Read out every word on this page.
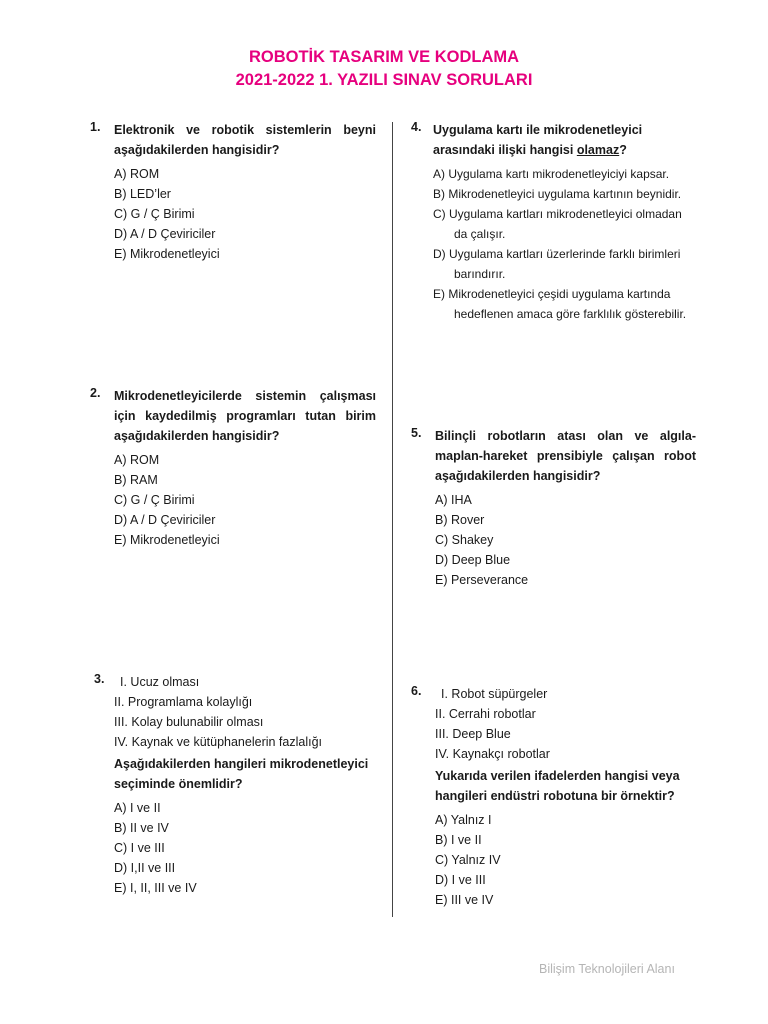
ROBOTİK TASARIM VE KODLAMA
2021-2022 1. YAZILI SINAV SORULARI
1. Elektronik ve robotik sistemlerin beyni aşağıdakilerden hangisidir?
A) ROM
B) LED’ler
C) G / Ç Birimi
D) A / D Çeviriciler
E) Mikrodenetleyici
2. Mikrodenetleyicilerde sistemin çalışması için kaydedilmiş programları tutan birim aşağıdakilerden hangisidir?
A) ROM
B) RAM
C) G / Ç Birimi
D) A / D Çeviriciler
E) Mikrodenetleyici
3. I. Ucuz olması
II. Programlama kolaylığı
III. Kolay bulunabilir olması
IV. Kaynak ve kütüphanelerin fazlalığı
Aşağıdakilerden hangileri mikrodenetleyici seçiminde önemlidir?
A) I ve II
B) II ve IV
C) I ve III
D) I,II ve III
E) I, II, III ve IV
4. Uygulama kartı ile mikrodenetleyici arasındaki ilişki hangisi olamaz?
A) Uygulama kartı mikrodenetleyiciyi kapsar.
B) Mikrodenetleyici uygulama kartının beynidir.
C) Uygulama kartları mikrodenetleyici olmadan da çalışır.
D) Uygulama kartları üzerlerinde farklı birimleri barındırır.
E) Mikrodenetleyici çeşidi uygulama kartında hedeflenen amaca göre farklılık gösterebilir.
5. Bilinçli robotların atası olan ve algıla- maplan-hareket prensibiyle çalışan robot aşağıdakilerden hangisidir?
A) IHA
B) Rover
C) Shakey
D) Deep Blue
E) Perseverance
6. I. Robot süpürgeler
II. Cerrahi robotlar
III. Deep Blue
IV. Kaynakçı robotlar
Yukarıda verilen ifadelerden hangisi veya hangileri endüstri robotuna bir örnektir?
A) Yalnız I
B) I ve II
C) Yalnız IV
D) I ve III
E) III ve IV
Bilişim Teknolojileri Alanı
